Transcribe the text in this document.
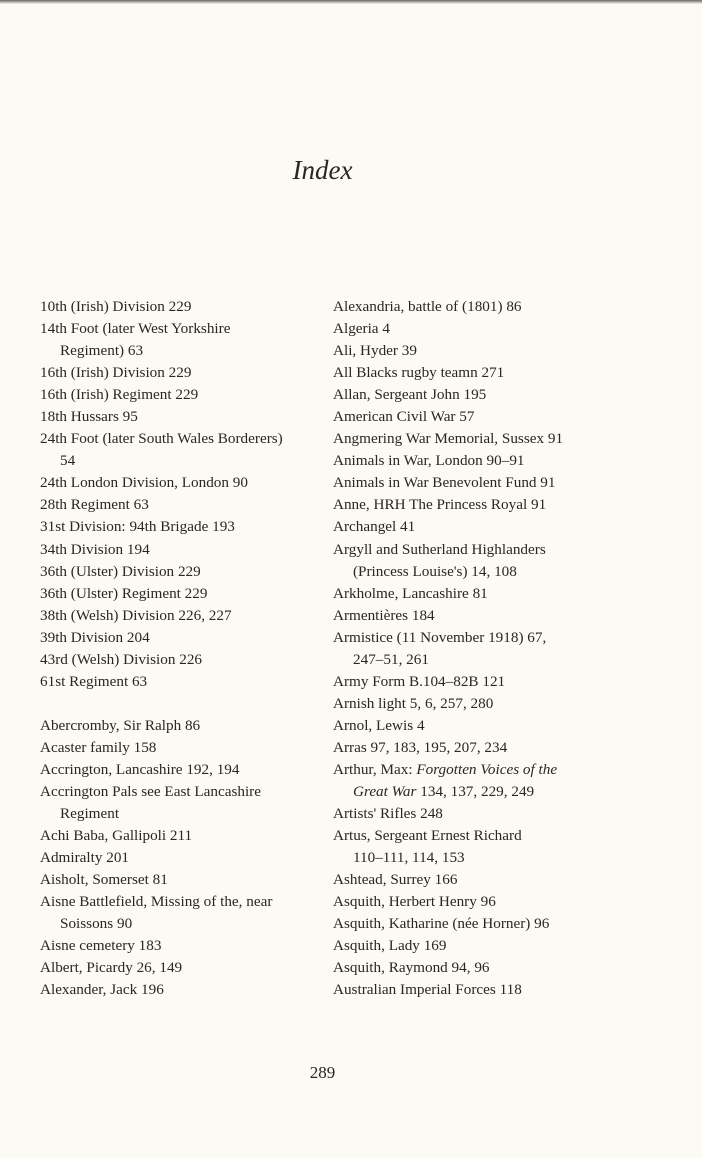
Index
10th (Irish) Division 229
14th Foot (later West Yorkshire
Regiment) 63
16th (Irish) Division 229
16th (Irish) Regiment 229
18th Hussars 95
24th Foot (later South Wales Borderers)
54
24th London Division, London 90
28th Regiment 63
31st Division: 94th Brigade 193
34th Division 194
36th (Ulster) Division 229
36th (Ulster) Regiment 229
38th (Welsh) Division 226, 227
39th Division 204
43rd (Welsh) Division 226
61st Regiment 63
Abercromby, Sir Ralph 86
Acaster family 158
Accrington, Lancashire 192, 194
Accrington Pals see East Lancashire
Regiment
Achi Baba, Gallipoli 211
Admiralty 201
Aisholt, Somerset 81
Aisne Battlefield, Missing of the, near
Soissons 90
Aisne cemetery 183
Albert, Picardy 26, 149
Alexander, Jack 196
Alexandria, battle of (1801) 86
Algeria 4
Ali, Hyder 39
All Blacks rugby teamn 271
Allan, Sergeant John 195
American Civil War 57
Angmering War Memorial, Sussex 91
Animals in War, London 90–91
Animals in War Benevolent Fund 91
Anne, HRH The Princess Royal 91
Archangel 41
Argyll and Sutherland Highlanders
(Princess Louise's) 14, 108
Arkholme, Lancashire 81
Armentières 184
Armistice (11 November 1918) 67,
247–51, 261
Army Form B.104–82B 121
Arnish light 5, 6, 257, 280
Arnol, Lewis 4
Arras 97, 183, 195, 207, 234
Arthur, Max: Forgotten Voices of the
Great War 134, 137, 229, 249
Artists' Rifles 248
Artus, Sergeant Ernest Richard
110–111, 114, 153
Ashtead, Surrey 166
Asquith, Herbert Henry 96
Asquith, Katharine (née Horner) 96
Asquith, Lady 169
Asquith, Raymond 94, 96
Australian Imperial Forces 118
289
